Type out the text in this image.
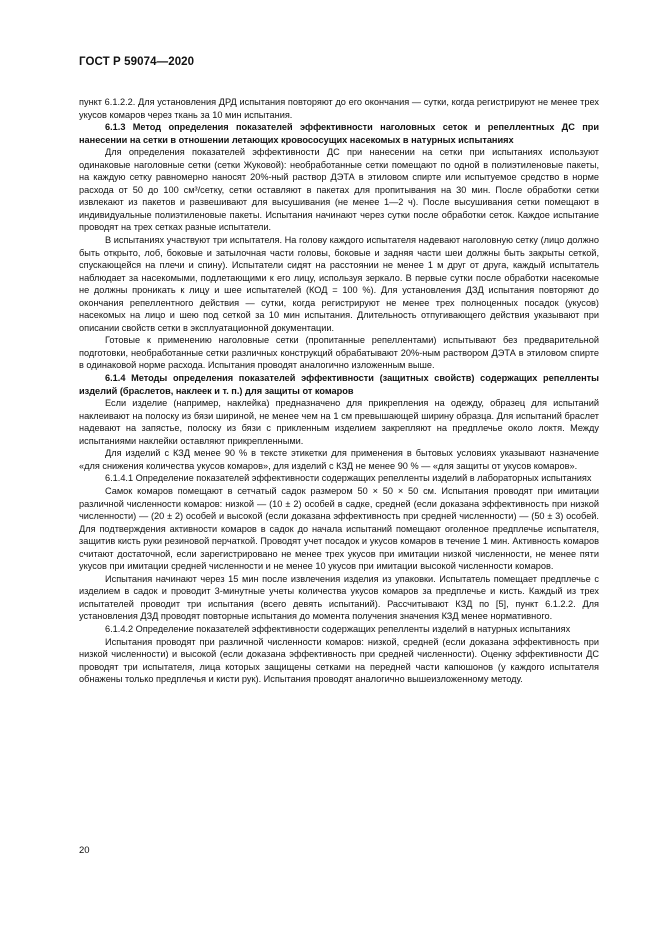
ГОСТ Р 59074—2020

пункт 6.1.2.2. Для установления ДРД испытания повторяют до его окончания — сутки, когда регистрируют не менее трех укусов комаров через ткань за 10 мин испытания.

6.1.3 Метод определения показателей эффективности наголовных сеток и репеллентных ДС при нанесении на сетки в отношении летающих кровососущих насекомых в натурных испытаниях

Для определения показателей эффективности ДС при нанесении на сетки при испытаниях используют одинаковые наголовные сетки (сетки Жуковой): необработанные сетки помещают по одной в полиэтиленовые пакеты, на каждую сетку равномерно наносят 20%-ный раствор ДЭТА в этиловом спирте или испытуемое средство в норме расхода от 50 до 100 см³/сетку, сетки оставляют в пакетах для пропитывания на 30 мин. После обработки сетки извлекают из пакетов и развешивают для высушивания (не менее 1—2 ч). После высушивания сетки помещают в индивидуальные полиэтиленовые пакеты. Испытания начинают через сутки после обработки сеток. Каждое испытание проводят на трех сетках разные испытатели.

В испытаниях участвуют три испытателя. На голову каждого испытателя надевают наголовную сетку (лицо должно быть открыто, лоб, боковые и затылочная части головы, боковые и задняя части шеи должны быть закрыты сеткой, спускающейся на плечи и спину). Испытатели сидят на расстоянии не менее 1 м друг от друга, каждый испытатель наблюдает за насекомыми, подлетающими к его лицу, используя зеркало. В первые сутки после обработки насекомые не должны проникать к лицу и шее испытателей (КОД = 100 %). Для установления ДЗД испытания повторяют до окончания репеллентного действия — сутки, когда регистрируют не менее трех полноценных посадок (укусов) насекомых на лицо и шею под сеткой за 10 мин испытания. Длительность отпугивающего действия указывают при описании свойств сетки в эксплуатационной документации.

Готовые к применению наголовные сетки (пропитанные репеллентами) испытывают без предварительной подготовки, необработанные сетки различных конструкций обрабатывают 20%-ным раствором ДЭТА в этиловом спирте в одинаковой норме расхода. Испытания проводят аналогично изложенным выше.

6.1.4 Методы определения показателей эффективности (защитных свойств) содержащих репелленты изделий (браслетов, наклеек и т. п.) для защиты от комаров

Если изделие (например, наклейка) предназначено для прикрепления на одежду, образец для испытаний наклеивают на полоску из бязи шириной, не менее чем на 1 см превышающей ширину образца. Для испытаний браслет надевают на запястье, полоску из бязи с прикленным изделием закрепляют на предплечье около локтя. Между испытаниями наклейки оставляют прикрепленными.

Для изделий с КЗД менее 90 % в тексте этикетки для применения в бытовых условиях указывают назначение «для снижения количества укусов комаров», для изделий с КЗД не менее 90 % — «для защиты от укусов комаров».

6.1.4.1 Определение показателей эффективности содержащих репелленты изделий в лабораторных испытаниях

Самок комаров помещают в сетчатый садок размером 50 × 50 × 50 см. Испытания проводят при имитации различной численности комаров: низкой — (10 ± 2) особей в садке, средней (если доказана эффективность при низкой численности) — (20 ± 2) особей и высокой (если доказана эффективность при средней численности) — (50 ± 3) особей. Для подтверждения активности комаров в садок до начала испытаний помещают оголенное предплечье испытателя, защитив кисть руки резиновой перчаткой. Проводят учет посадок и укусов комаров в течение 1 мин. Активность комаров считают достаточной, если зарегистрировано не менее трех укусов при имитации низкой численности, не менее пяти укусов при имитации средней численности и не менее 10 укусов при имитации высокой численности комаров.

Испытания начинают через 15 мин после извлечения изделия из упаковки. Испытатель помещает предплечье с изделием в садок и проводит 3-минутные учеты количества укусов комаров за предплечье и кисть. Каждый из трех испытателей проводит три испытания (всего девять испытаний). Рассчитывают КЗД по [5], пункт 6.1.2.2. Для установления ДЗД проводят повторные испытания до момента получения значения КЗД менее нормативного.

6.1.4.2 Определение показателей эффективности содержащих репелленты изделий в натурных испытаниях

Испытания проводят при различной численности комаров: низкой, средней (если доказана эффективность при низкой численности) и высокой (если доказана эффективность при средней численности). Оценку эффективности ДС проводят три испытателя, лица которых защищены сетками на передней части капюшонов (у каждого испытателя обнажены только предплечья и кисти рук). Испытания проводят аналогично вышеизложенному методу.

20
